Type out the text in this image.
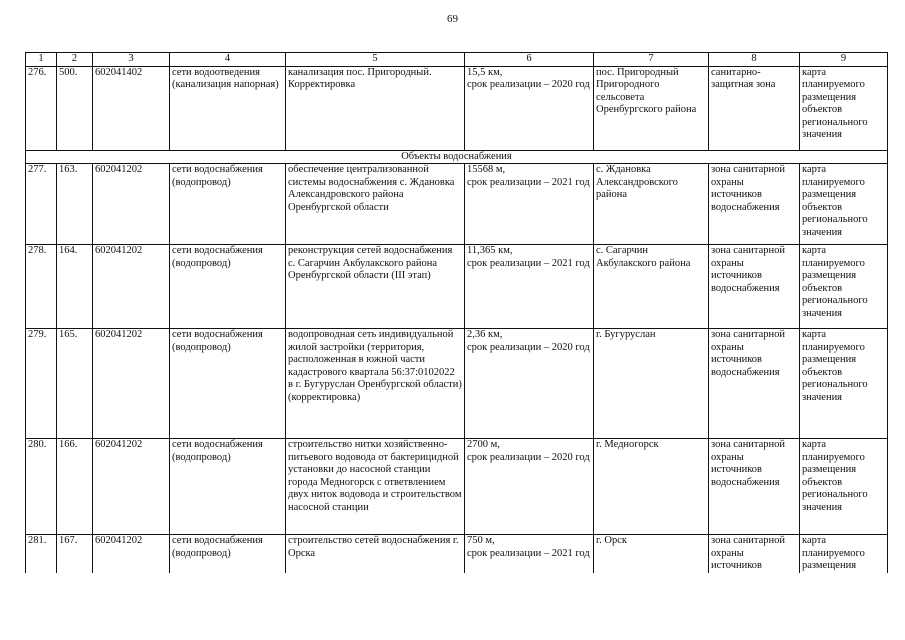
69
1	2	3	4	5	6	7	8	9
276.	500.	602041402	сети водоотведения (канализация напорная)	канализация пос. Пригородный. Корректировка	15,5 км,
срок реализации – 2020 год	пос. Пригородный Пригородного сельсовета Оренбургского района	санитарно-защитная зона	карта планируемого размещения объектов регионального значения
Объекты водоснабжения								
277.	163.	602041202	сети водоснабжения (водопровод)	обеспечение централизованной системы водоснабжения с. Ждановка Александровского района Оренбургской области	15568 м,
срок реализации – 2021 год	с. Ждановка Александровского района	зона санитарной охраны источников водоснабжения	карта планируемого размещения объектов регионального значения
278.	164.	602041202	сети водоснабжения (водопровод)	реконструкция сетей водоснабжения с. Сагарчин Акбулакского района Оренбургской области (III этап)	11,365 км,
срок реализации – 2021 год	с. Сагарчин Акбулакского района	зона санитарной охраны источников водоснабжения	карта планируемого размещения объектов регионального значения
279.	165.	602041202	сети водоснабжения (водопровод)	водопроводная сеть индивидуальной жилой застройки (территория, расположенная в южной части кадастрового квартала 56:37:0102022 в г. Бугуруслан Оренбургской области) (корректировка)	2,36 км,
срок реализации – 2020 год	г. Бугуруслан	зона санитарной охраны источников водоснабжения	карта планируемого размещения объектов регионального значения
280.	166.	602041202	сети водоснабжения (водопровод)	строительство нитки хозяйственно-питьевого водовода от бактерицидной установки до насосной станции города Медногорск с ответвлением двух ниток водовода и строительством насосной станции	2700 м,
срок реализации – 2020 год	г. Медногорск	зона санитарной охраны источников водоснабжения	карта планируемого размещения объектов регионального значения
281.	167.	602041202	сети водоснабжения (водопровод)	строительство сетей водоснабжения г. Орска	750 м,
срок реализации – 2021 год	г. Орск	зона санитарной охраны источников	карта планируемого размещения
